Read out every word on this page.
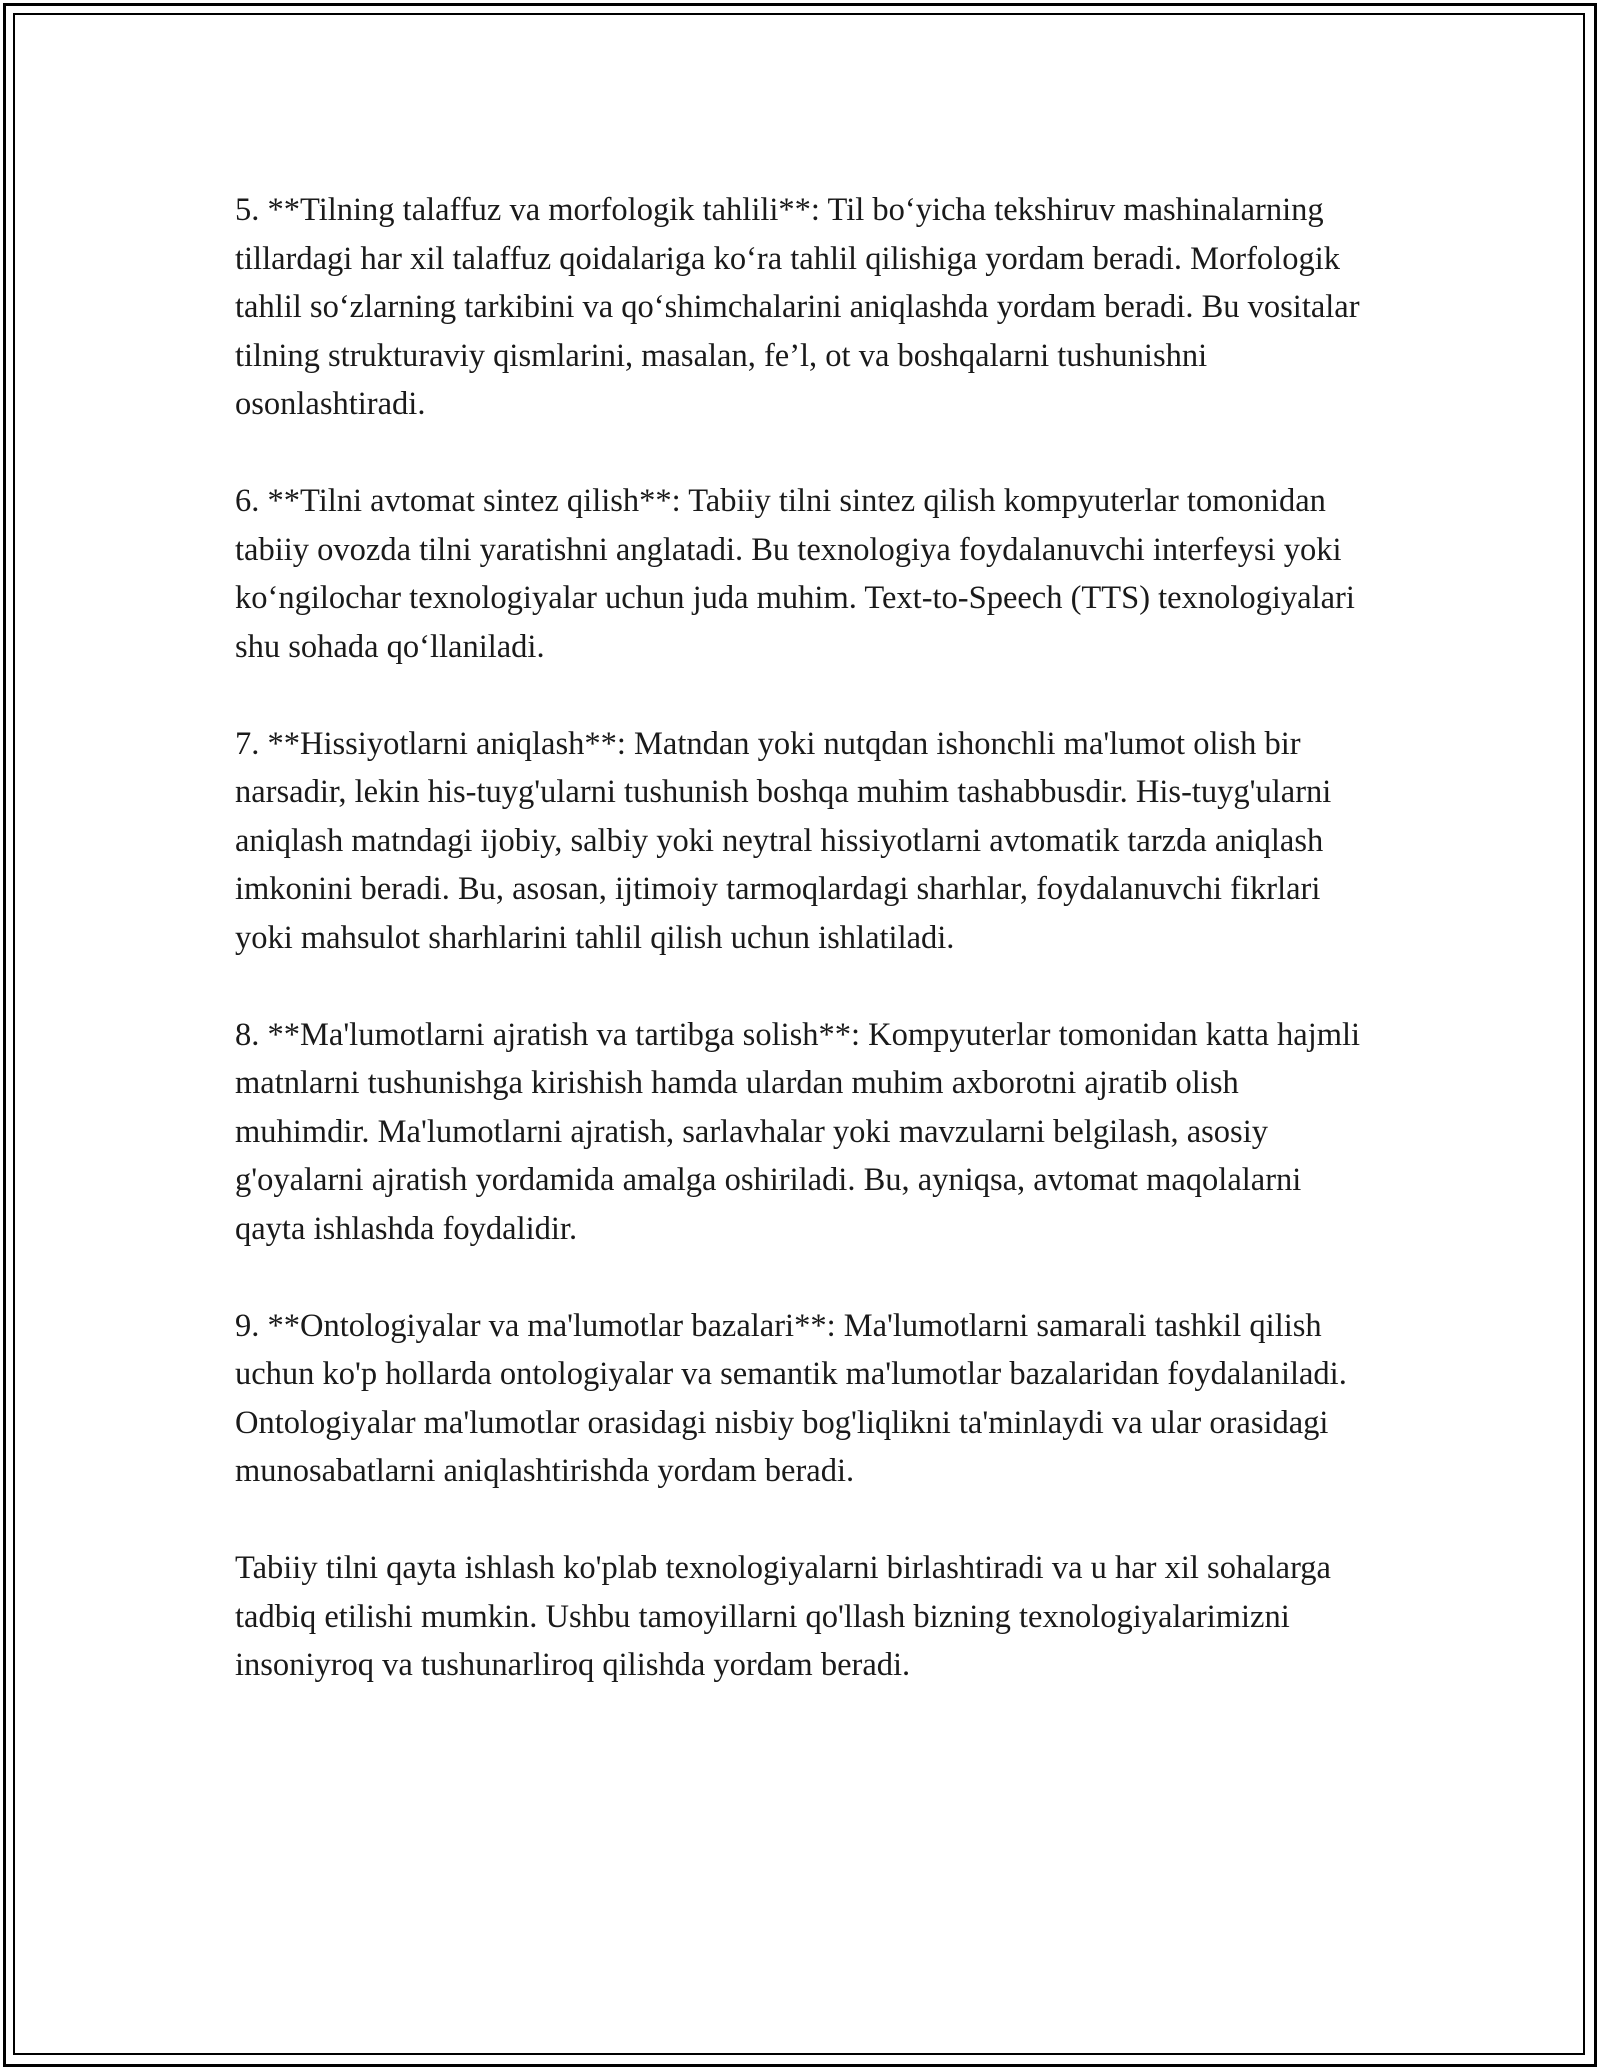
5. **Tilning talaffuz va morfologik tahlili**: Til bo‘yicha tekshiruv mashinalarning tillardagi har xil talaffuz qoidalariga ko‘ra tahlil qilishiga yordam beradi. Morfologik tahlil so‘zlarning tarkibini va qo‘shimchalarini aniqlashda yordam beradi. Bu vositalar tilning strukturaviy qismlarini, masalan, fe’l, ot va boshqalarni tushunishni osonlashtiradi.

6. **Tilni avtomat sintez qilish**: Tabiiy tilni sintez qilish kompyuterlar tomonidan tabiiy ovozda tilni yaratishni anglatadi. Bu texnologiya foydalanuvchi interfeysi yoki ko‘ngilochar texnologiyalar uchun juda muhim. Text-to-Speech (TTS) texnologiyalari shu sohada qo‘llaniladi.

7. **Hissiyotlarni aniqlash**: Matndan yoki nutqdan ishonchli ma'lumot olish bir narsadir, lekin his-tuyg'ularni tushunish boshqa muhim tashabbusdir. His-tuyg'ularni aniqlash matndagi ijobiy, salbiy yoki neytral hissiyotlarni avtomatik tarzda aniqlash imkonini beradi. Bu, asosan, ijtimoiy tarmoqlardagi sharhlar, foydalanuvchi fikrlari yoki mahsulot sharhlarini tahlil qilish uchun ishlatiladi.

8. **Ma'lumotlarni ajratish va tartibga solish**: Kompyuterlar tomonidan katta hajmli matnlarni tushunishga kirishish hamda ulardan muhim axborotni ajratib olish muhimdir. Ma'lumotlarni ajratish, sarlavhalar yoki mavzularni belgilash, asosiy g'oyalarni ajratish yordamida amalga oshiriladi. Bu, ayniqsa, avtomat maqolalarni qayta ishlashda foydalidir.

9. **Ontologiyalar va ma'lumotlar bazalari**: Ma'lumotlarni samarali tashkil qilish uchun ko'p hollarda ontologiyalar va semantik ma'lumotlar bazalaridan foydalaniladi. Ontologiyalar ma'lumotlar orasidagi nisbiy bog'liqlikni ta'minlaydi va ular orasidagi munosabatlarni aniqlashtirishda yordam beradi.

Tabiiy tilni qayta ishlash ko'plab texnologiyalarni birlashtiradi va u har xil sohalarga tadbiq etilishi mumkin. Ushbu tamoyillarni qo'llash bizning texnologiyalarimizni insoniyroq va tushunarliroq qilishda yordam beradi.
